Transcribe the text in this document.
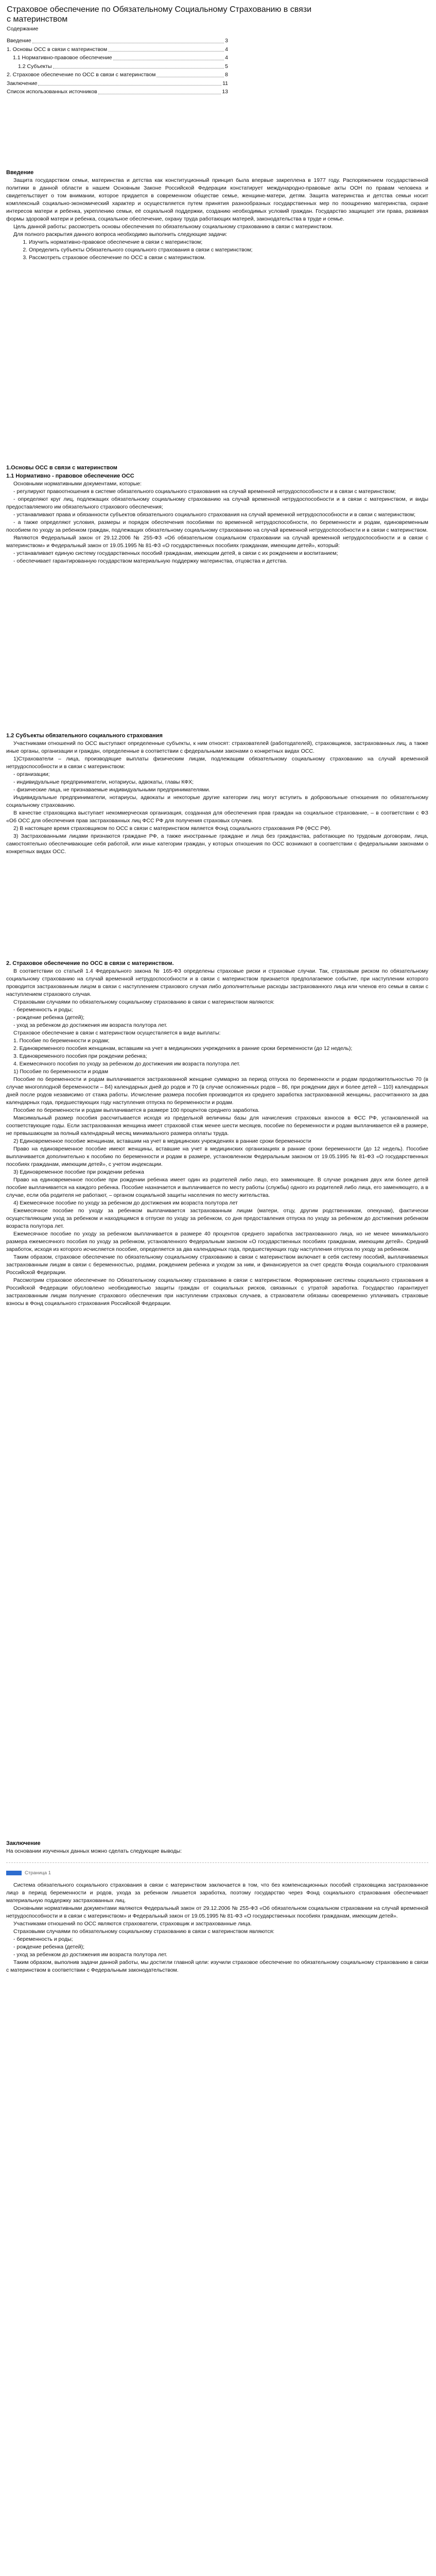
Страховое обеспечение по Обязательному Социальному Страхованию в связи с материнством
Содержание
Введение	3
1. Основы ОСС в связи с материнством	4
1.1 Нормативно-правовое обеспечение	4
1.2 Субъекты	5
2. Страховое обеспечение по ОСС в связи с материнством	8
Заключение	11
Список использованных источников	13
Введение

Защита государством семьи, материнства и детства как конституционный принцип была впервые закреплена в 1977 году. Распоряжением государственной политики в данной области в нашем Основным Законе Российской Федерации констатирует международно-правовые акты ООН по правам человека и свидетельствует о том внимании, которое придается в современном обществе семье, женщине-матери, детям. Защита материнства и детства семьи носит комплексный социально-экономический характер и осуществляется путем принятия разнообразных государственных мер по поощрению материнства, охране интересов матери и ребенка, укреплению семьи, её социальной поддержки, созданию необходимых условий граждан. Государство защищает эти права, развивая формы здоровой матери и ребенка, социальное обеспечение, охрану труда работающих матерей, законодательства в труде и семье.

Цель данной работы: рассмотреть основы обеспечения по обязательному социальному страхованию в связи с материнством.

Для полного раскрытия данного вопроса необходимо выполнить следующие задачи:

1. Изучить нормативно-правовое обеспечение в связи с материнством;
2. Определить субъекты Обязательного социального страхования в связи с материнством;
3. Рассмотреть страховое обеспечение по ОСС в связи с материнством.
1.Основы ОСС в связи с материнством
1.1 Нормативно - правовое обеспечение ОСС

Основными нормативными документами, которые:

- регулируют правоотношения в системе обязательного социального страхования на случай временной нетрудоспособности и в связи с материнством;

- определяют круг лиц, подлежащих обязательному социальному страхованию на случай временной нетрудоспособности и в связи с материнством, и виды предоставляемого им обязательного страхового обеспечения;

- устанавливают права и обязанности субъектов обязательного социального страхования на случай временной нетрудоспособности и в связи с материнством;

- а также определяют условия, размеры и порядок обеспечения пособиями по временной нетрудоспособности, по беременности и родам, единовременным пособием по уходу за ребенком граждан, подлежащих обязательному социальному страхованию на случай временной нетрудоспособности и в связи с материнством.

Являются Федеральный закон от 29.12.2006 № 255-ФЗ «Об обязательном социальном страховании на случай временной нетрудоспособности и в связи с материнством» и Федеральный закон от 19.05.1995 № 81-ФЗ «О государственных пособиях гражданам, имеющим детей», который:

- устанавливает единую систему государственных пособий гражданам, имеющим детей, в связи с их рождением и воспитанием;

- обеспечивает гарантированную государством материальную поддержку материнства, отцовства и детства.

1.2 Субъекты обязательного социального страхования

Участниками отношений по ОСС выступают определенные субъекты, к ним относят: страхователей (работодателей), страховщиков, застрахованных лиц, а также иные органы, организации и граждан, определенные в соответствии с федеральными законами о конкретных видах ОСС.

1)Страхователи – лица, производящие выплаты физическим лицам, подлежащим обязательному социальному страхованию на случай временной нетрудоспособности и в связи с материнством:

- организации;

- индивидуальные предприниматели, нотариусы, адвокаты, главы КФХ;

- физические лица, не признаваемые индивидуальными предпринимателями.

Индивидуальные предприниматели, нотариусы, адвокаты и некоторые другие категории лиц могут вступить в добровольные отношения по обязательному социальному страхованию.

В качестве страховщика выступает некоммерческая организация, созданная для обеспечения прав граждан на социальное страхование, – в соответствии с ФЗ «Об ОСС для обеспечения прав застрахованных лиц ФСС РФ для получения страховых случаев.

2) В настоящее время страховщиком по ОСС в связи с материнством является Фонд социального страхования РФ (ФСС РФ).

3) Застрахованными лицами признаются граждане РФ, а также иностранные граждане и лица без гражданства, работающие по трудовым договорам, лица, самостоятельно обеспечивающие себя работой, или иные категории граждан, у которых отношения по ОСС возникают в соответствии с федеральными законами о конкретных видах ОСС.

2. Страховое обеспечение по ОСС в связи с материнством.

В соответствии со статьей 1.4 Федерального закона № 165-ФЗ определены страховые риски и страховые случаи. Так, страховым риском по обязательному социальному страхованию на случай временной нетрудоспособности и в связи с материнством признается предполагаемое событие, при наступлении которого проводится застрахованным лицом в связи с наступлением страхового случая либо дополнительные расходы застрахованного лица или членов его семьи в связи с наступлением страхового случая.

Страховыми случаями по обязательному социальному страхованию в связи с материнством являются:

- беременность и роды;

- рождение ребенка (детей);

- уход за ребенком до достижения им возраста полутора лет.

Страховое обеспечение в связи с материнством осуществляется в виде выплаты:

1. Пособие по беременности и родам;

2. Единовременного пособия женщинам, вставшим на учет в медицинских учреждениях в ранние сроки беременности (до 12 недель);

3. Единовременного пособия при рождении ребенка;

4. Ежемесячного пособия по уходу за ребенком до достижения им возраста полутора лет.

1) Пособие по беременности и родам

Пособие по беременности и родам выплачивается застрахованной женщине суммарно за период отпуска по беременности и родам продолжительностью 70 (в случае многоплодной беременности – 84) календарных дней до родов и 70 (в случае осложненных родов – 86, при рождении двух и более детей – 110) календарных дней после родов независимо от стажа работы. Исчисление размера пособия производится из среднего заработка застрахованной женщины, рассчитанного за два календарных года, предшествующих году наступления отпуска по беременности и родам.

Пособие по беременности и родам выплачивается в размере 100 процентов среднего заработка.

Максимальный размер пособия рассчитывается исходя из предельной величины базы для начисления страховых взносов в ФСС РФ, установленной на соответствующие годы. Если застрахованная женщина имеет страховой стаж менее шести месяцев, пособие по беременности и родам выплачивается ей в размере, не превышающем за полный календарный месяц минимального размера оплаты труда.

2) Единовременное пособие женщинам, вставшим на учет в медицинских учреждениях в ранние сроки беременности

Право на единовременное пособие имеют женщины, вставшие на учет в медицинских организациях в ранние сроки беременности (до 12 недель). Пособие выплачивается дополнительно к пособию по беременности и родам в размере, установленном Федеральным законом от 19.05.1995 № 81-ФЗ «О государственных пособиях гражданам, имеющим детей», с учетом индексации.

3) Единовременное пособие при рождении ребенка

Право на единовременное пособие при рождении ребенка имеет один из родителей либо лицо, его заменяющее. В случае рождения двух или более детей пособие выплачивается на каждого ребенка. Пособие назначается и выплачивается по месту работы (службы) одного из родителей либо лица, его заменяющего, а в случае, если оба родителя не работают, – органом социальной защиты населения по месту жительства.

4) Ежемесячное пособие по уходу за ребенком до достижения им возраста полутора лет

Ежемесячное пособие по уходу за ребенком выплачивается застрахованным лицам (матери, отцу, другим родственникам, опекунам), фактически осуществляющим уход за ребенком и находящимся в отпуске по уходу за ребенком, со дня предоставления отпуска по уходу за ребенком до достижения ребенком возраста полутора лет.

Ежемесячное пособие по уходу за ребенком выплачивается в размере 40 процентов среднего заработка застрахованного лица, но не менее минимального размера ежемесячного пособия по уходу за ребенком, установленного Федеральным законом «О государственных пособиях гражданам, имеющим детей». Средний заработок, исходя из которого исчисляется пособие, определяется за два календарных года, предшествующих году наступления отпуска по уходу за ребенком.

Таким образом, страховое обеспечение по обязательному социальному страхованию в связи с материнством включает в себя систему пособий, выплачиваемых застрахованным лицам в связи с беременностью, родами, рождением ребенка и уходом за ним, и финансируется за счет средств Фонда социального страхования Российской Федерации.

Рассмотрим страховое обеспечение по Обязательному социальному страхованию в связи с материнством. Формирование системы социального страхования в Российской Федерации обусловлено необходимостью защиты граждан от социальных рисков, связанных с утратой заработка. Государство гарантирует застрахованным лицам получение страхового обеспечения при наступлении страховых случаев, а страхователи обязаны своевременно уплачивать страховые взносы в Фонд социального страхования Российской Федерации.

Заключение

На основании изученных данных можно сделать следующие выводы:

Страница 1

Система обязательного социального страхования в связи с материнством заключается в том, что без компенсационных пособий страховщика застрахованное лицо в период беременности и родов, ухода за ребенком лишается заработка, поэтому государство через Фонд социального страхования обеспечивает материальную поддержку застрахованных лиц.

Основными нормативными документами являются Федеральный закон от 29.12.2006 № 255-ФЗ «Об обязательном социальном страховании на случай временной нетрудоспособности и в связи с материнством» и Федеральный закон от 19.05.1995 № 81-ФЗ «О государственных пособиях гражданам, имеющим детей».

Участниками отношений по ОСС являются страхователи, страховщик и застрахованные лица.

Страховыми случаями по обязательному социальному страхованию в связи с материнством являются:

- беременность и роды;

- рождение ребенка (детей);

- уход за ребенком до достижения им возраста полутора лет.

Таким образом, выполнив задачи данной работы, мы достигли главной цели: изучили страховое обеспечение по обязательному социальному страхованию в связи с материнством в соответствии с Федеральным законодательством.
